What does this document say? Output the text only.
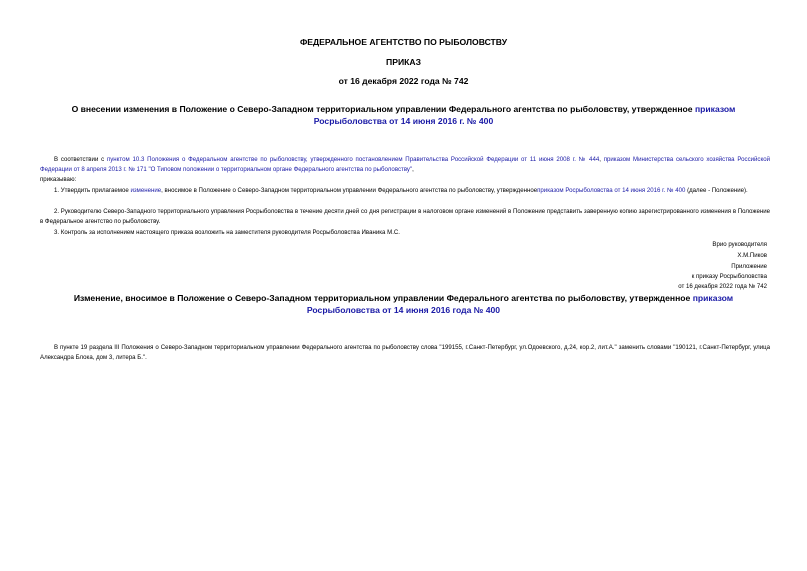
ФЕДЕРАЛЬНОЕ АГЕНТСТВО ПО РЫБОЛОВСТВУ
ПРИКАЗ
от 16 декабря 2022 года № 742
О внесении изменения в Положение о Северо-Западном территориальном управлении Федерального агентства по рыболовству, утвержденное приказом Росрыболовства от 14 июня 2016 г. № 400
В соответствии с пунктом 10.3 Положения о Федеральном агентстве по рыболовству, утвержденного постановлением Правительства Российской Федерации от 11 июня 2008 г. № 444, приказом Министерства сельского хозяйства Российской Федерации от 8 апреля 2013 г. № 171 "О Типовом положении о территориальном органе Федерального агентства по рыболовству",
приказываю:
1. Утвердить прилагаемое изменение, вносимое в Положение о Северо-Западном территориальном управлении Федерального агентства по рыболовству, утвержденноеприказом Росрыболовства от 14 июня 2016 г. № 400 (далее - Положение).
2. Руководителю Северо-Западного территориального управления Росрыболовства в течение десяти дней со дня регистрации в налоговом органе изменений в Положение представить заверенную копию зарегистрированного изменения в Положение в Федеральное агентство по рыболовству.
3. Контроль за исполнением настоящего приказа возложить на заместителя руководителя Росрыболовства Иваника М.С.
Врио руководителя
Х.М.Пиков
Приложение
к приказу Росрыболовства
от 16 декабря 2022 года № 742
Изменение, вносимое в Положение о Северо-Западном территориальном управлении Федерального агентства по рыболовству, утвержденное приказом Росрыболовства от 14 июня 2016 года № 400
В пункте 19 раздела III Положения о Северо-Западном территориальном управлении Федерального агентства по рыболовству слова "199155, г.Санкт-Петербург, ул.Одоевского, д.24, кор.2, лит.А." заменить словами "190121, г.Санкт-Петербург, улица Александра Блока, дом 3, литера Б.".
